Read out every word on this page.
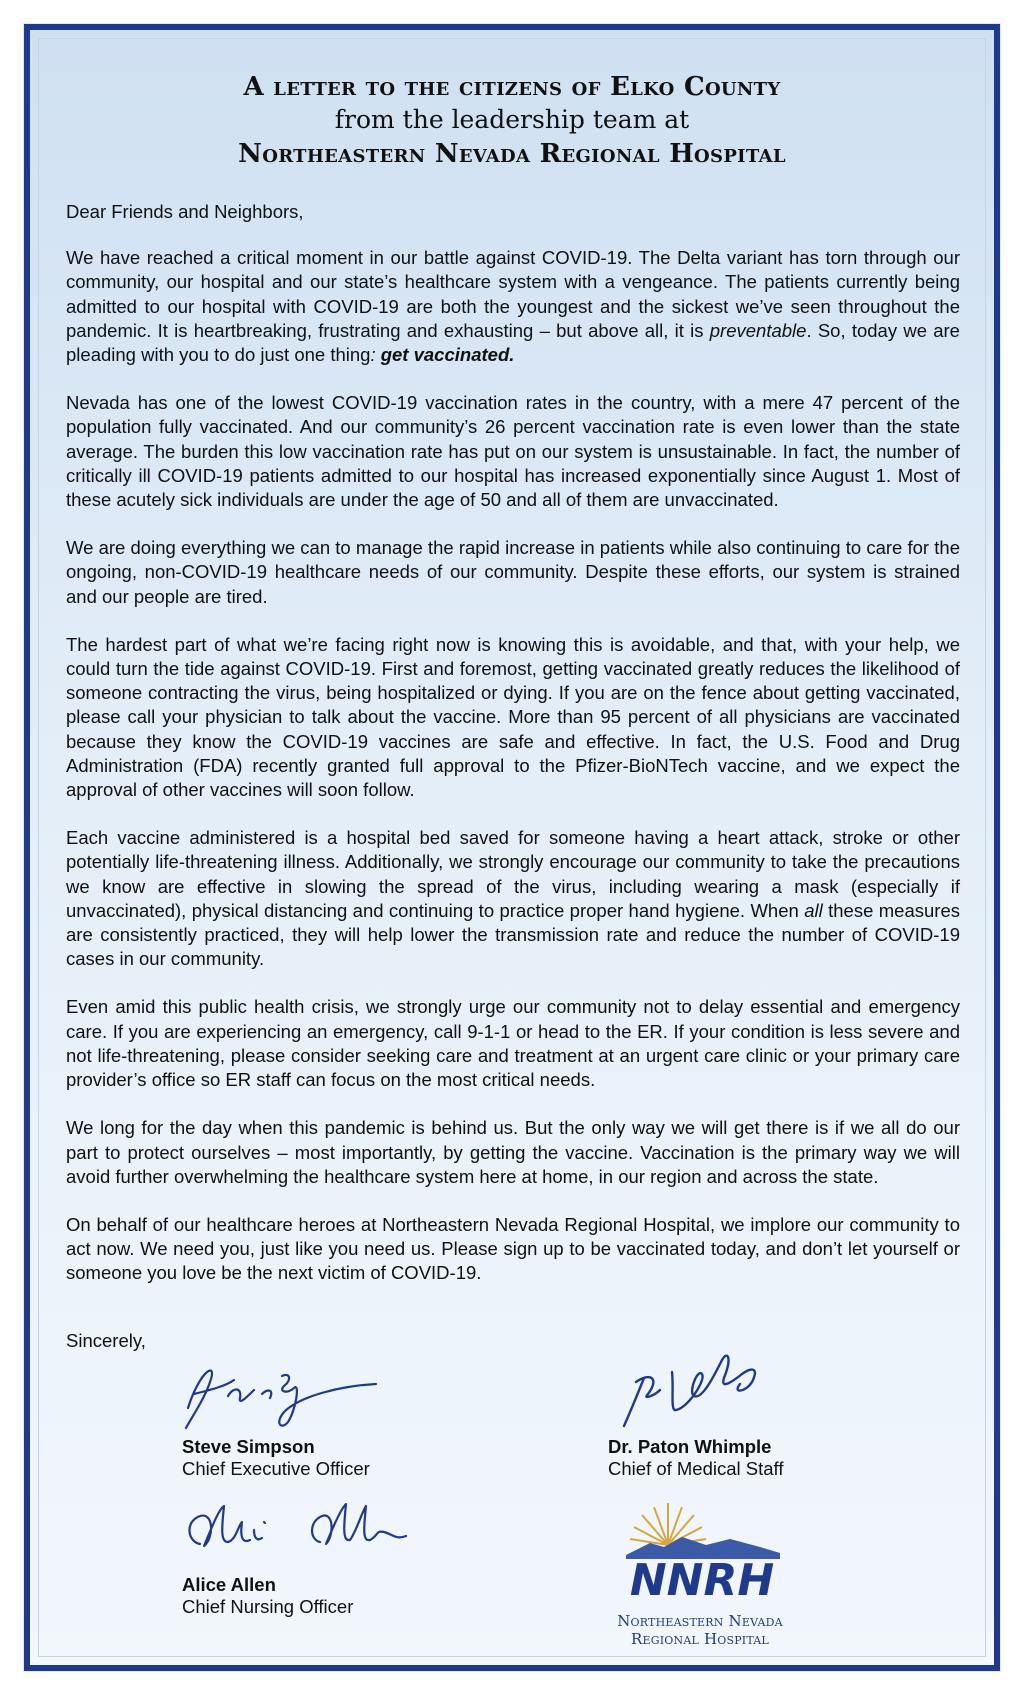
A letter to the citizens of Elko County
from the leadership team at
Northeastern Nevada Regional Hospital

Dear Friends and Neighbors,

We have reached a critical moment in our battle against COVID-19. The Delta variant has torn through our community, our hospital and our state’s healthcare system with a vengeance. The patients currently being admitted to our hospital with COVID-19 are both the youngest and the sickest we’ve seen throughout the pandemic. It is heartbreaking, frustrating and exhausting – but above all, it is preventable. So, today we are pleading with you to do just one thing: get vaccinated.

Nevada has one of the lowest COVID-19 vaccination rates in the country, with a mere 47 percent of the population fully vaccinated. And our community’s 26 percent vaccination rate is even lower than the state average. The burden this low vaccination rate has put on our system is unsustainable. In fact, the number of critically ill COVID-19 patients admitted to our hospital has increased exponentially since August 1. Most of these acutely sick individuals are under the age of 50 and all of them are unvaccinated.

We are doing everything we can to manage the rapid increase in patients while also continuing to care for the ongoing, non-COVID-19 healthcare needs of our community. Despite these efforts, our system is strained and our people are tired.

The hardest part of what we’re facing right now is knowing this is avoidable, and that, with your help, we could turn the tide against COVID-19. First and foremost, getting vaccinated greatly reduces the likelihood of someone contracting the virus, being hospitalized or dying. If you are on the fence about getting vaccinated, please call your physician to talk about the vaccine. More than 95 percent of all physicians are vaccinated because they know the COVID-19 vaccines are safe and effective. In fact, the U.S. Food and Drug Administration (FDA) recently granted full approval to the Pfizer-BioNTech vaccine, and we expect the approval of other vaccines will soon follow.

Each vaccine administered is a hospital bed saved for someone having a heart attack, stroke or other potentially life-threatening illness. Additionally, we strongly encourage our community to take the precautions we know are effective in slowing the spread of the virus, including wearing a mask (especially if unvaccinated), physical distancing and continuing to practice proper hand hygiene. When all these measures are consistently practiced, they will help lower the transmission rate and reduce the number of COVID-19 cases in our community.

Even amid this public health crisis, we strongly urge our community not to delay essential and emergency care. If you are experiencing an emergency, call 9-1-1 or head to the ER. If your condition is less severe and not life-threatening, please consider seeking care and treatment at an urgent care clinic or your primary care provider’s office so ER staff can focus on the most critical needs.

We long for the day when this pandemic is behind us. But the only way we will get there is if we all do our part to protect ourselves – most importantly, by getting the vaccine. Vaccination is the primary way we will avoid further overwhelming the healthcare system here at home, in our region and across the state.

On behalf of our healthcare heroes at Northeastern Nevada Regional Hospital, we implore our community to act now. We need you, just like you need us. Please sign up to be vaccinated today, and don’t let yourself or someone you love be the next victim of COVID-19.

Sincerely,
Steve Simpson
Chief Executive Officer
Dr. Paton Whimple
Chief of Medical Staff
Alice Allen
Chief Nursing Officer
NNRH
Northeastern Nevada
Regional Hospital
